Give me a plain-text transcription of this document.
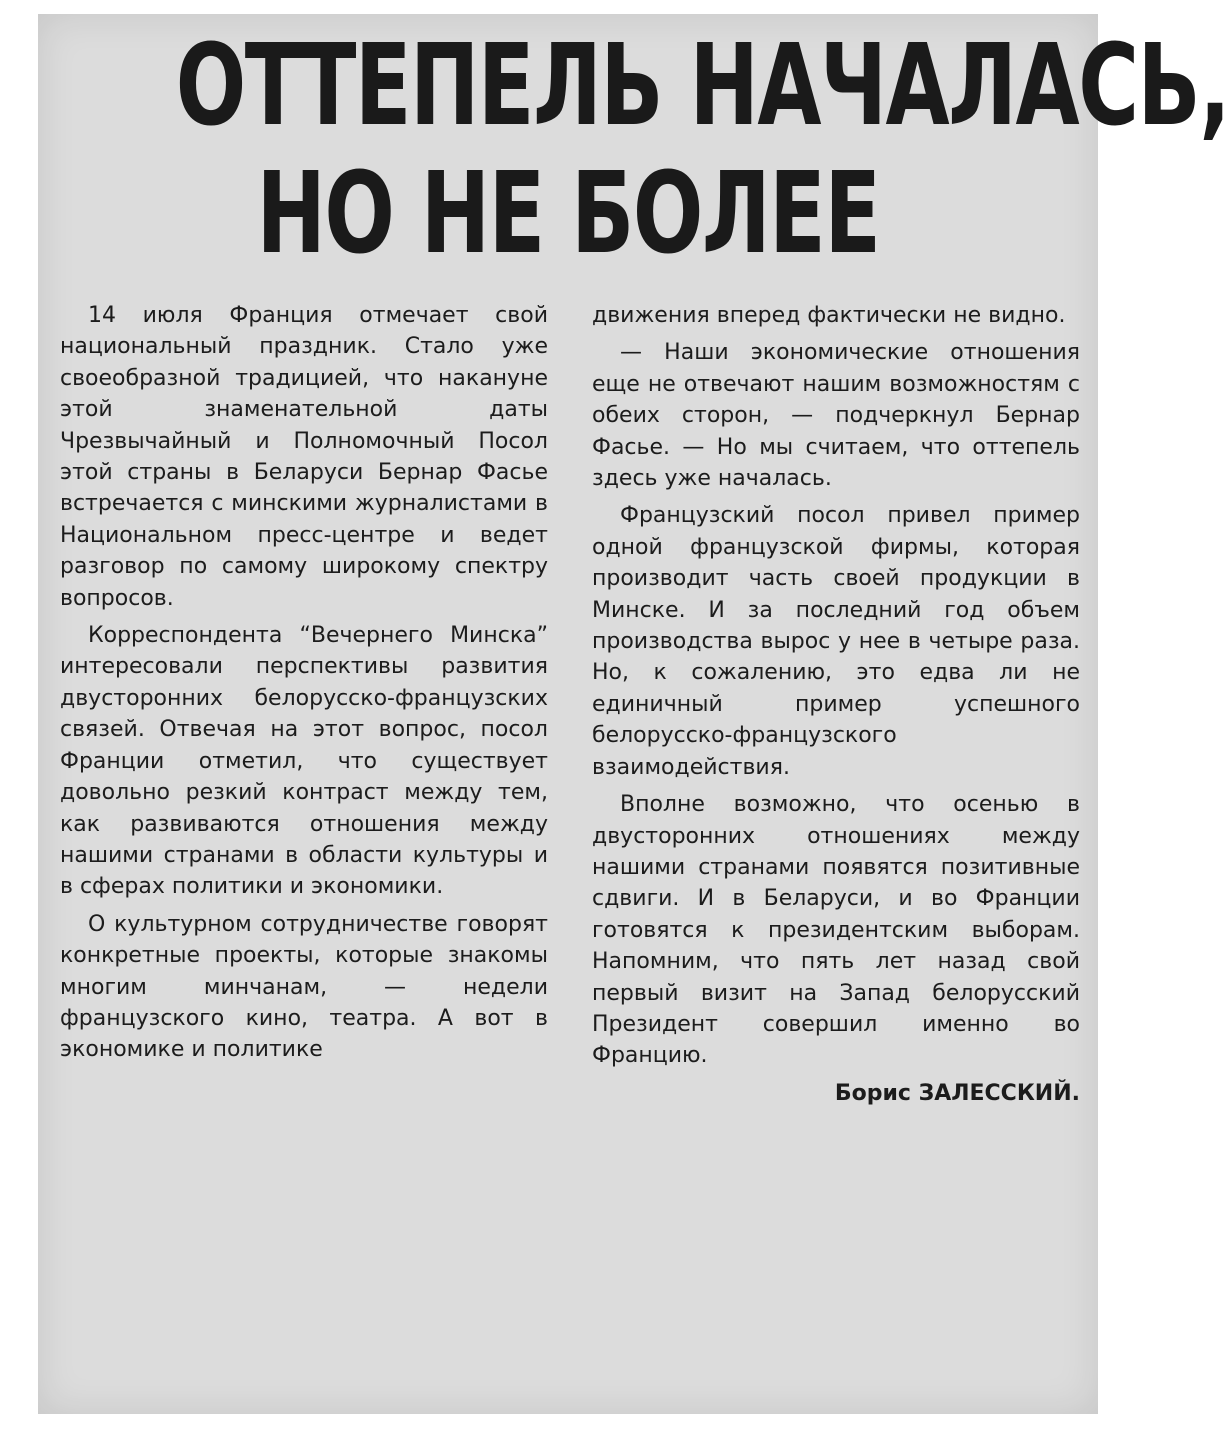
ОТТЕПЕЛЬ НАЧАЛАСЬ,
НО НЕ БОЛЕЕ

14 июля Франция отмечает свой национальный праздник. Стало уже своеобразной традицией, что накануне этой знаменательной даты Чрезвычайный и Полномочный Посол этой страны в Беларуси Бернар Фасье встречается с минскими журналистами в Национальном пресс-центре и ведет разговор по самому широкому спектру вопросов.

Корреспондента “Вечернего Минска” интересовали перспективы развития двусторонних белорусско-французских связей. Отвечая на этот вопрос, посол Франции отметил, что существует довольно резкий контраст между тем, как развиваются отношения между нашими странами в области культуры и в сферах политики и экономики.

О культурном сотрудничестве говорят конкретные проекты, которые знакомы многим минчанам, — недели французского кино, театра. А вот в экономике и политике

движения вперед фактически не видно.

— Наши экономические отношения еще не отвечают нашим возможностям с обеих сторон, — подчеркнул Бернар Фасье. — Но мы считаем, что оттепель здесь уже началась.

Французский посол привел пример одной французской фирмы, которая производит часть своей продукции в Минске. И за последний год объем производства вырос у нее в четыре раза. Но, к сожалению, это едва ли не единичный пример успешного белорусско-французского взаимодействия.

Вполне возможно, что осенью в двусторонних отношениях между нашими странами появятся позитивные сдвиги. И в Беларуси, и во Франции готовятся к президентским выборам. Напомним, что пять лет назад свой первый визит на Запад белорусский Президент совершил именно во Францию.

Борис ЗАЛЕССКИЙ.
